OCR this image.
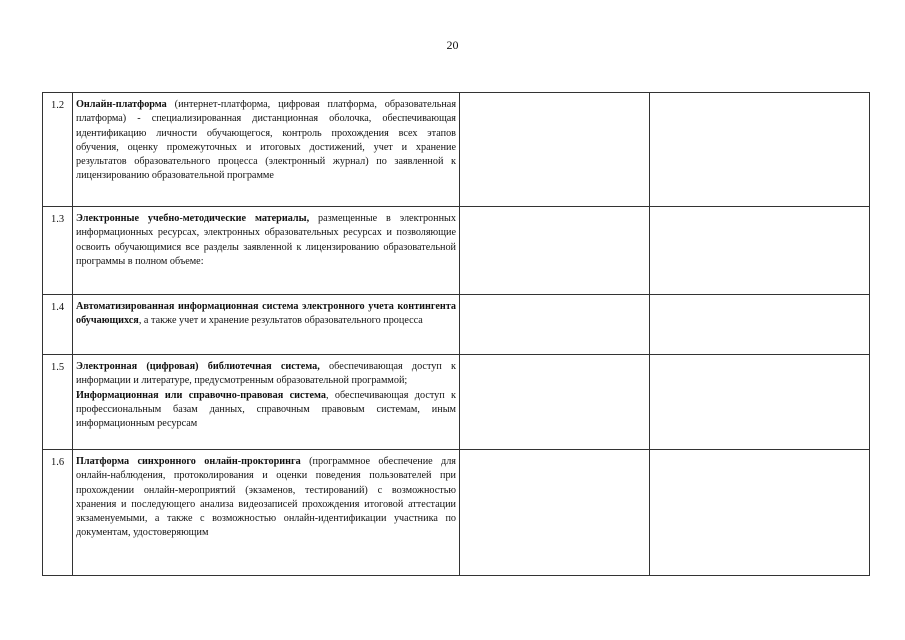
20
1.2	Онлайн-платформа (интернет-платформа, цифровая платформа, образовательная платформа) - специализированная дистанционная оболочка, обеспечивающая идентификацию личности обучающегося, контроль прохождения всех этапов обучения, оценку промежуточных и итоговых достижений, учет и хранение результатов образовательного процесса (электронный журнал) по заявленной к лицензированию образовательной программе		

1.3	Электронные учебно-методические материалы, размещенные в электронных информационных ресурсах, электронных образовательных ресурсах и позволяющие освоить обучающимися все разделы заявленной к лицензированию образовательной программы в полном объеме:		

1.4	Автоматизированная информационная система электронного учета контингента обучающихся, а также учет и хранение результатов образовательного процесса		

1.5	Электронная (цифровая) библиотечная система, обеспечивающая доступ к информации и литературе, предусмотренным образовательной программой;

Информационная или справочно-правовая система, обеспечивающая доступ к профессиональным базам данных, справочным правовым системам, иным информационным ресурсам		

1.6	Платформа синхронного онлайн-прокторинга (программное обеспечение для онлайн-наблюдения, протоколирования и оценки поведения пользователей при прохождении онлайн-мероприятий (экзаменов, тестирований) с возможностью хранения и последующего анализа видеозаписей прохождения итоговой аттестации экзаменуемыми, а также с возможностью онлайн-идентификации участника по документам, удостоверяющим		
